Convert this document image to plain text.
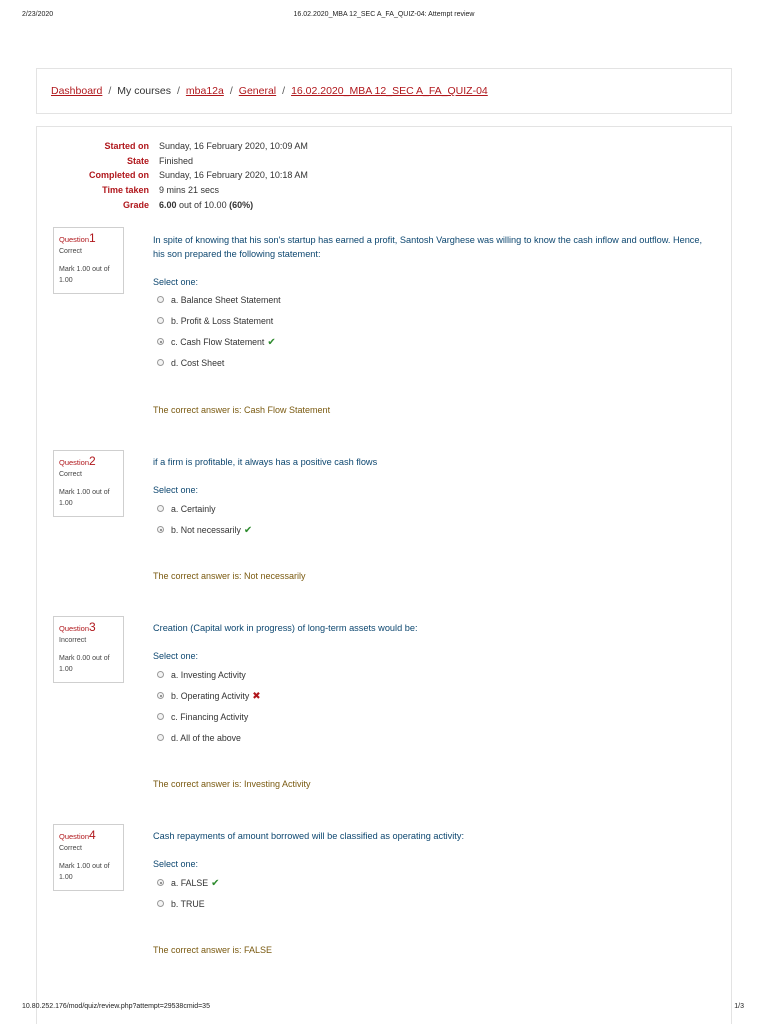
2/23/2020	16.02.2020_MBA 12_SEC A_FA_QUIZ-04: Attempt review
Dashboard / My courses / mba12a / General / 16.02.2020_MBA 12_SEC A_FA_QUIZ-04
Started on Sunday, 16 February 2020, 10:09 AM
State Finished
Completed on Sunday, 16 February 2020, 10:18 AM
Time taken 9 mins 21 secs
Grade 6.00 out of 10.00 (60%)
Question1
Correct
Mark 1.00 out of 1.00
In spite of knowing that his son's startup has earned a profit, Santosh Varghese was willing to know the cash inflow and outflow. Hence, his son prepared the following statement:
Select one:
a. Balance Sheet Statement
b. Profit & Loss Statement
c. Cash Flow Statement ✔
d. Cost Sheet
The correct answer is: Cash Flow Statement
Question2
Correct
Mark 1.00 out of 1.00
if a firm is profitable, it always has a positive cash flows
Select one:
a. Certainly
b. Not necessarily ✔
The correct answer is: Not necessarily
Question3
Incorrect
Mark 0.00 out of 1.00
Creation (Capital work in progress) of long-term assets would be:
Select one:
a. Investing Activity
b. Operating Activity ✖
c. Financing Activity
d. All of the above
The correct answer is: Investing Activity
Question4
Correct
Mark 1.00 out of 1.00
Cash repayments of amount borrowed will be classified as operating activity:
Select one:
a. FALSE ✔
b. TRUE
The correct answer is: FALSE
10.80.252.176/mod/quiz/review.php?attempt=29538cmid=35	1/3
